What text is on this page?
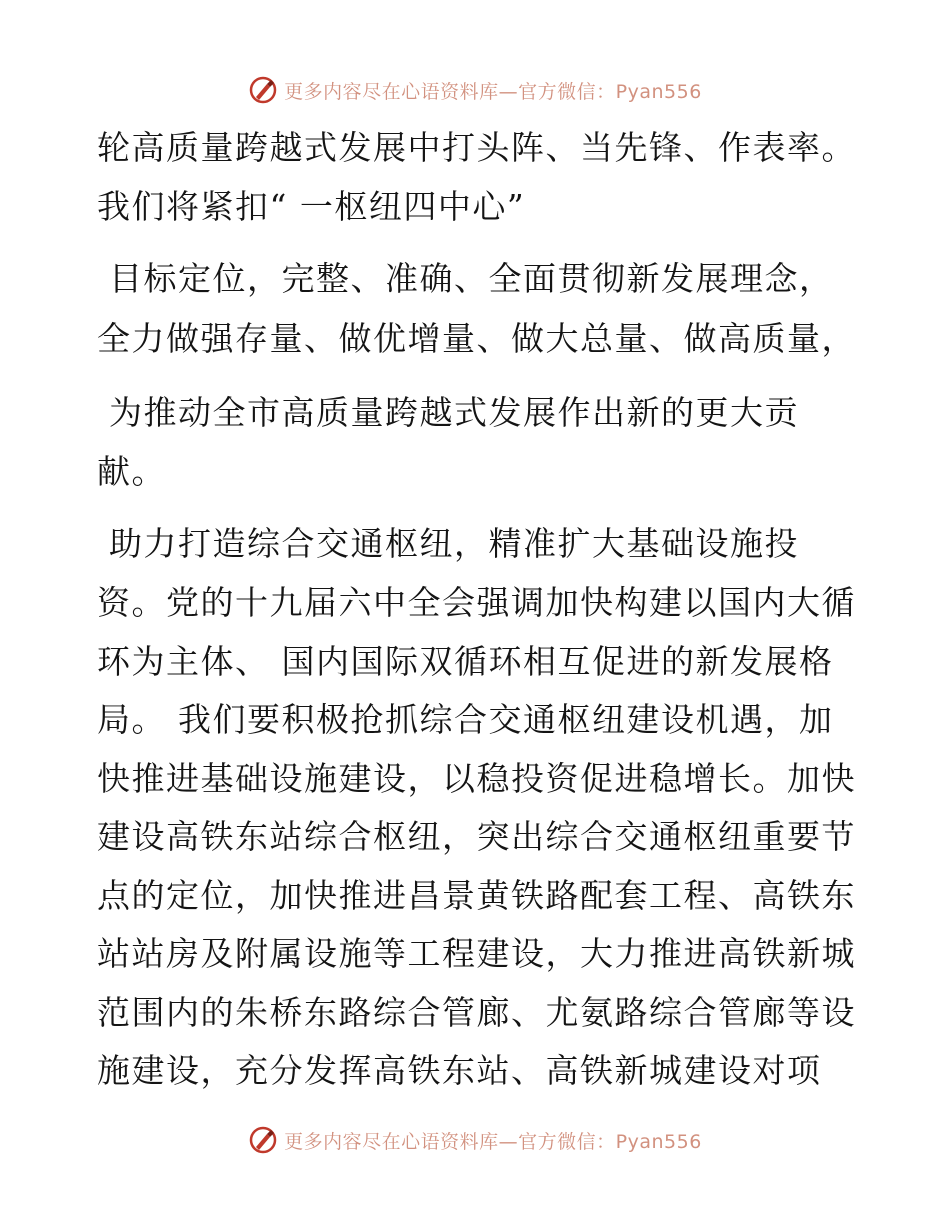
更多内容尽在心语资料库—官方微信：Pyan556
轮高质量跨越式发展中打头阵、当先锋、作表率。
我们将紧扣“ 一枢纽四中心”
目标定位，完整、准确、全面贯彻新发展理念，
全力做强存量、做优增量、做大总量、做高质量，
为推动全市高质量跨越式发展作出新的更大贡
献。
助力打造综合交通枢纽，精准扩大基础设施投
资。党的十九届六中全会强调加快构建以国内大循
环为主体、 国内国际双循环相互促进的新发展格
局。 我们要积极抢抓综合交通枢纽建设机遇，加
快推进基础设施建设，以稳投资促进稳增长。加快
建设高铁东站综合枢纽，突出综合交通枢纽重要节
点的定位，加快推进昌景黄铁路配套工程、高铁东
站站房及附属设施等工程建设，大力推进高铁新城
范围内的朱桥东路综合管廊、尤氨路综合管廊等设
施建设，充分发挥高铁东站、高铁新城建设对项
更多内容尽在心语资料库—官方微信：Pyan556
